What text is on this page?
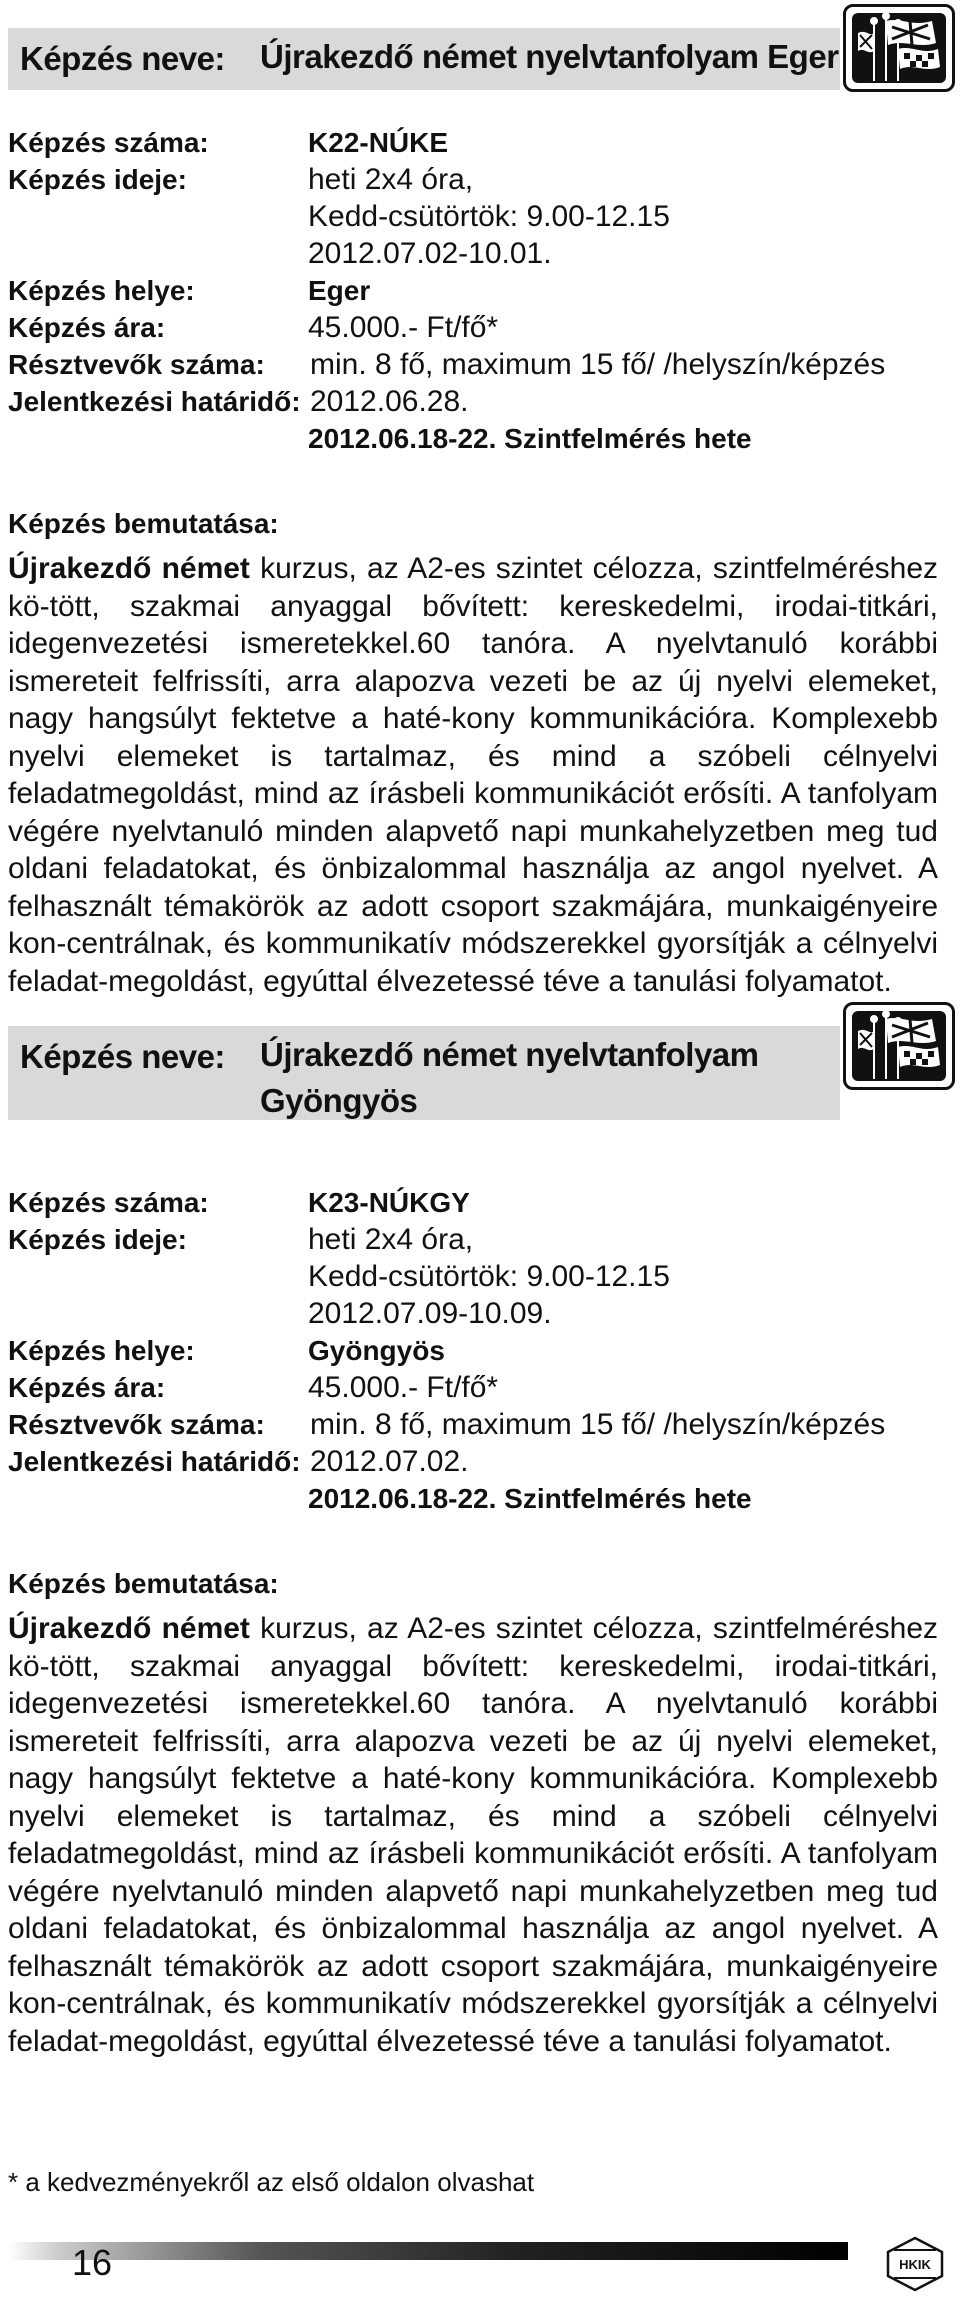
Képzés neve: Újrakezdő német nyelvtanfolyam Eger
Képzés száma:	K22-NÚKE
Képzés ideje:	heti 2x4 óra,
Kedd-csütörtök: 9.00-12.15
2012.07.02-10.01.
Képzés helye:	Eger
Képzés ára:	45.000.- Ft/fő*
Résztvevők száma: min. 8 fő, maximum 15 fő/ /helyszín/képzés
Jelentkezési határidő: 2012.06.28.
2012.06.18-22. Szintfelmérés hete
Képzés bemutatása:

Újrakezdő német kurzus, az A2-es szintet célozza, szintfelméréshez kö-tött, szakmai anyaggal bővített: kereskedelmi, irodai-titkári, idegenvezetési ismeretekkel.60 tanóra. A nyelvtanuló korábbi ismereteit felfrissíti, arra alapozva vezeti be az új nyelvi elemeket, nagy hangsúlyt fektetve a haté-kony kommunikációra. Komplexebb nyelvi elemeket is tartalmaz, és mind a szóbeli célnyelvi feladatmegoldást, mind az írásbeli kommunikációt erősíti. A tanfolyam végére nyelvtanuló minden alapvető napi munkahelyzetben meg tud oldani feladatokat, és önbizalommal használja az angol nyelvet. A felhasznált témakörök az adott csoport szakmájára, munkaigényeire kon-centrálnak, és kommunikatív módszerekkel gyorsítják a célnyelvi feladat-megoldást, egyúttal élvezetessé téve a tanulási folyamatot.

Képzés neve: Újrakezdő német nyelvtanfolyam
Gyöngyös
Képzés száma:	K23-NÚKGY
Képzés ideje:	heti 2x4 óra,
Kedd-csütörtök: 9.00-12.15
2012.07.09-10.09.
Képzés helye:	Gyöngyös
Képzés ára:	45.000.- Ft/fő*
Résztvevők száma: min. 8 fő, maximum 15 fő/ /helyszín/képzés
Jelentkezési határidő: 2012.07.02.
2012.06.18-22. Szintfelmérés hete
Képzés bemutatása:

Újrakezdő német kurzus, az A2-es szintet célozza, szintfelméréshez kö-tött, szakmai anyaggal bővített: kereskedelmi, irodai-titkári, idegenvezetési ismeretekkel.60 tanóra. A nyelvtanuló korábbi ismereteit felfrissíti, arra alapozva vezeti be az új nyelvi elemeket, nagy hangsúlyt fektetve a haté-kony kommunikációra. Komplexebb nyelvi elemeket is tartalmaz, és mind a szóbeli célnyelvi feladatmegoldást, mind az írásbeli kommunikációt erősíti. A tanfolyam végére nyelvtanuló minden alapvető napi munkahelyzetben meg tud oldani feladatokat, és önbizalommal használja az angol nyelvet. A felhasznált témakörök az adott csoport szakmájára, munkaigényeire kon-centrálnak, és kommunikatív módszerekkel gyorsítják a célnyelvi feladat-megoldást, egyúttal élvezetessé téve a tanulási folyamatot.

* a kedvezményekről az első oldalon olvashat
16	HKIK
